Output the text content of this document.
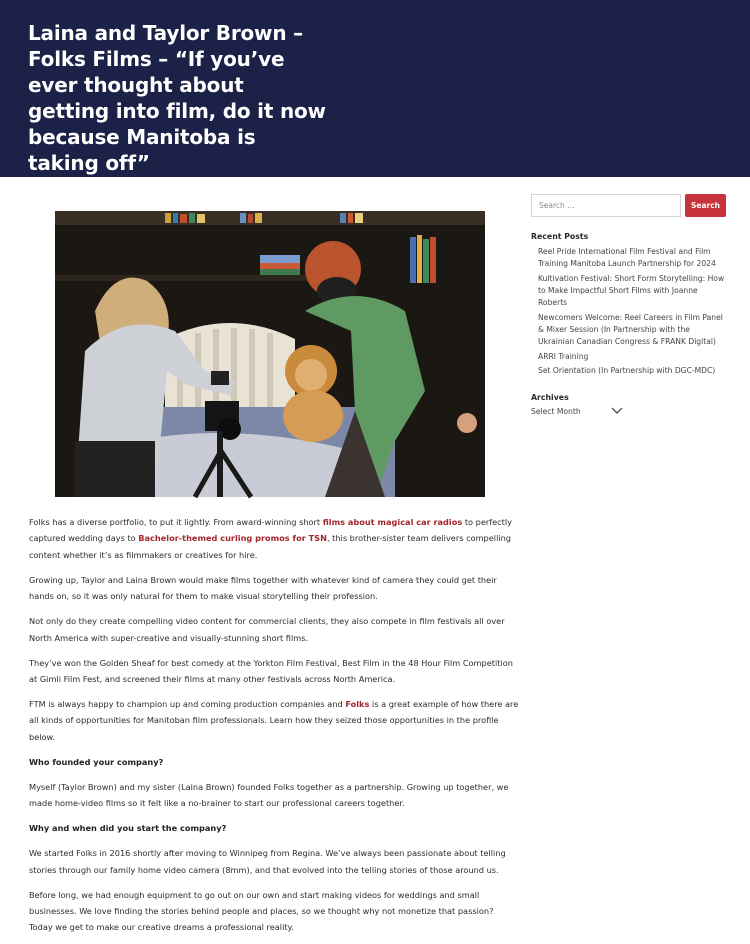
Laina and Taylor Brown – Folks Films – “If you’ve ever thought about getting into film, do it now because Manitoba is taking off”

Folks has a diverse portfolio, to put it lightly. From award-winning short films about magical car radios to perfectly captured wedding days to Bachelor-themed curling promos for TSN, this brother-sister team delivers compelling content whether it’s as filmmakers or creatives for hire.

Growing up, Taylor and Laina Brown would make films together with whatever kind of camera they could get their hands on, so it was only natural for them to make visual storytelling their profession.

Not only do they create compelling video content for commercial clients, they also compete in film festivals all over North America with super-creative and visually-stunning short films.

They’ve won the Golden Sheaf for best comedy at the Yorkton Film Festival, Best Film in the 48 Hour Film Competition at Gimli Film Fest, and screened their films at many other festivals across North America.

FTM is always happy to champion up and coming production companies and Folks is a great example of how there are all kinds of opportunities for Manitoban film professionals. Learn how they seized those opportunities in the profile below.

Who founded your company?

Myself (Taylor Brown) and my sister (Laina Brown) founded Folks together as a partnership. Growing up together, we made home-video films so it felt like a no-brainer to start our professional careers together.

Why and when did you start the company?

We started Folks in 2016 shortly after moving to Winnipeg from Regina. We’ve always been passionate about telling stories through our family home video camera (8mm), and that evolved into the telling stories of those around us.

Before long, we had enough equipment to go out on our own and start making videos for weddings and small businesses. We love finding the stories behind people and places, so we thought why not monetize that passion? Today we get to make our creative dreams a professional reality.

Search …
Search
Recent Posts
Reel Pride International Film Festival and Film Training Manitoba Launch Partnership for 2024
Kultivation Festival: Short Form Storytelling: How to Make Impactful Short Films with Joanne Roberts
Newcomers Welcome: Reel Careers in Film Panel & Mixer Session (In Partnership with the Ukrainian Canadian Congress & FRANK Digital)
ARRI Training
Set Orientation (In Partnership with DGC-MDC)
Archives
Select Month
